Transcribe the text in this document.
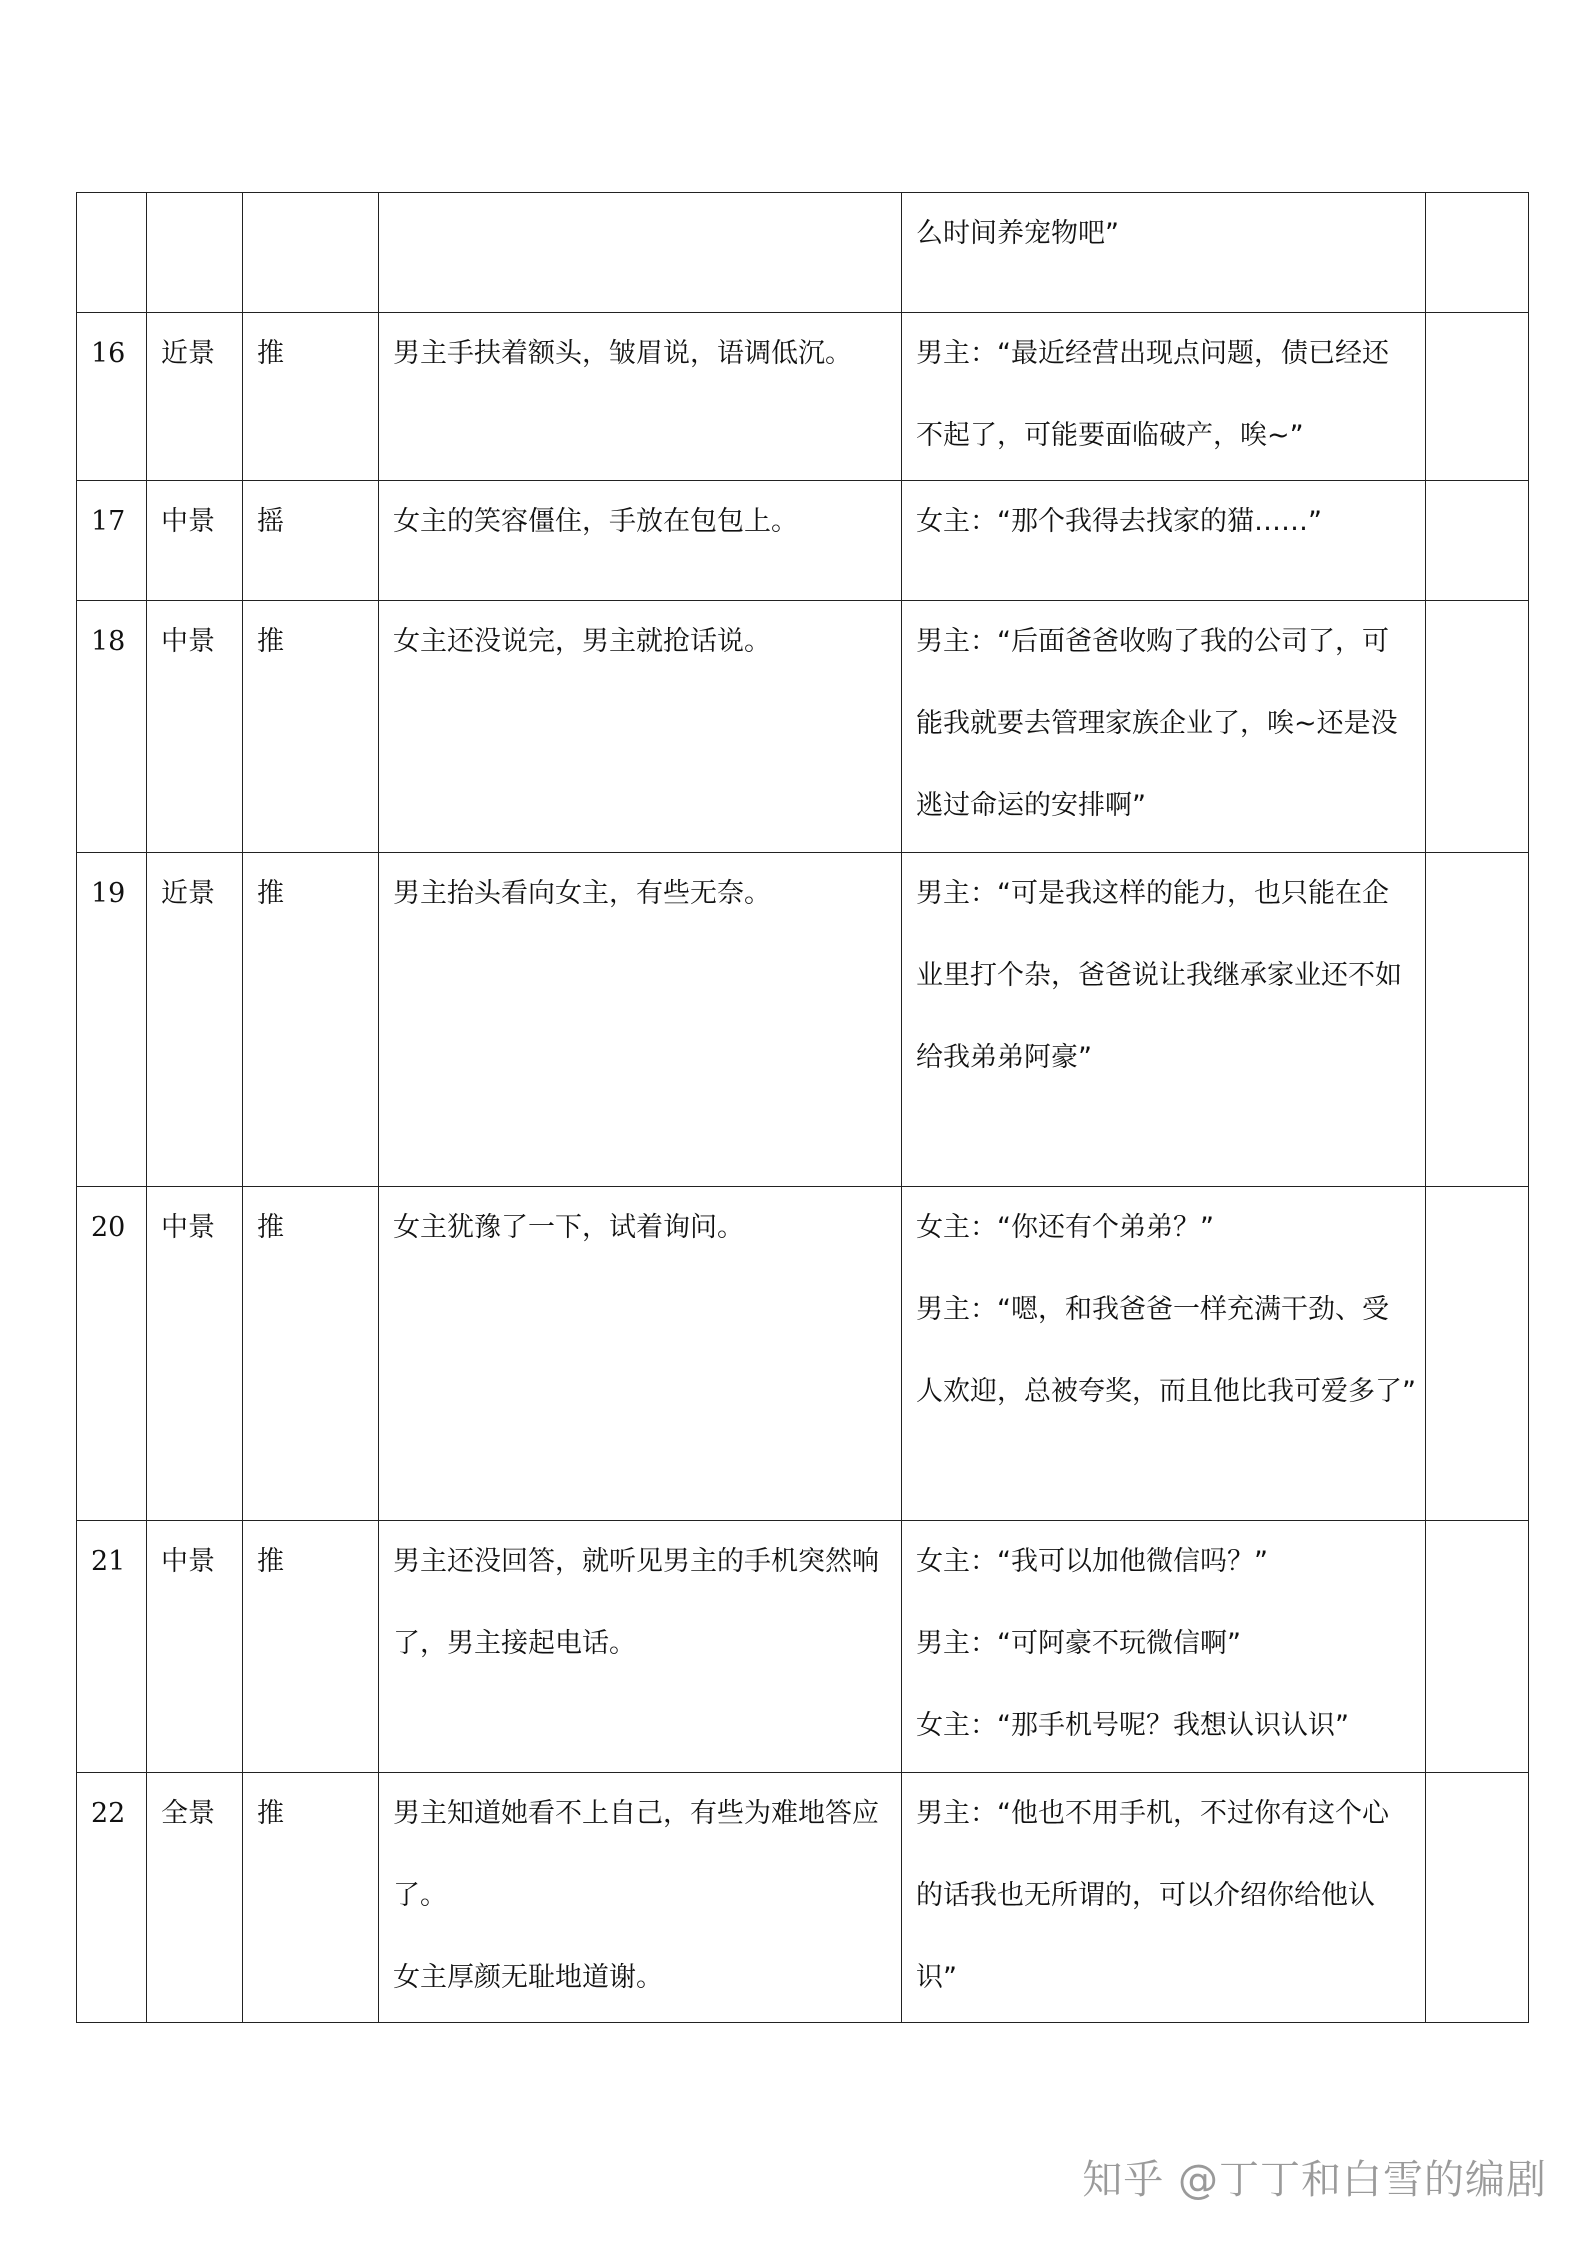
				么时间养宠物吧”	

16	近景	推	男主手扶着额头，皱眉说，语调低沉。	男主：“最近经营出现点问题，债已经还
不起了，可能要面临破产，唉~”	

17	中景	摇	女主的笑容僵住，手放在包包上。	女主：“那个我得去找家的猫……”	

18	中景	推	女主还没说完，男主就抢话说。	男主：“后面爸爸收购了我的公司了，可
能我就要去管理家族企业了，唉~还是没
逃过命运的安排啊”	

19	近景	推	男主抬头看向女主，有些无奈。	男主：“可是我这样的能力，也只能在企
业里打个杂，爸爸说让我继承家业还不如
给我弟弟阿豪”	

20	中景	推	女主犹豫了一下，试着询问。	女主：“你还有个弟弟？”
男主：“嗯，和我爸爸一样充满干劲、受
人欢迎，总被夸奖，而且他比我可爱多了”	

21	中景	推	男主还没回答，就听见男主的手机突然响
了，男主接起电话。	女主：“我可以加他微信吗？”
男主：“可阿豪不玩微信啊”
女主：“那手机号呢？我想认识认识”	

22	全景	推	男主知道她看不上自己，有些为难地答应
了。
女主厚颜无耻地道谢。	男主：“他也不用手机，不过你有这个心
的话我也无所谓的，可以介绍你给他认
识”	

知乎 @丁丁和白雪的编剧
